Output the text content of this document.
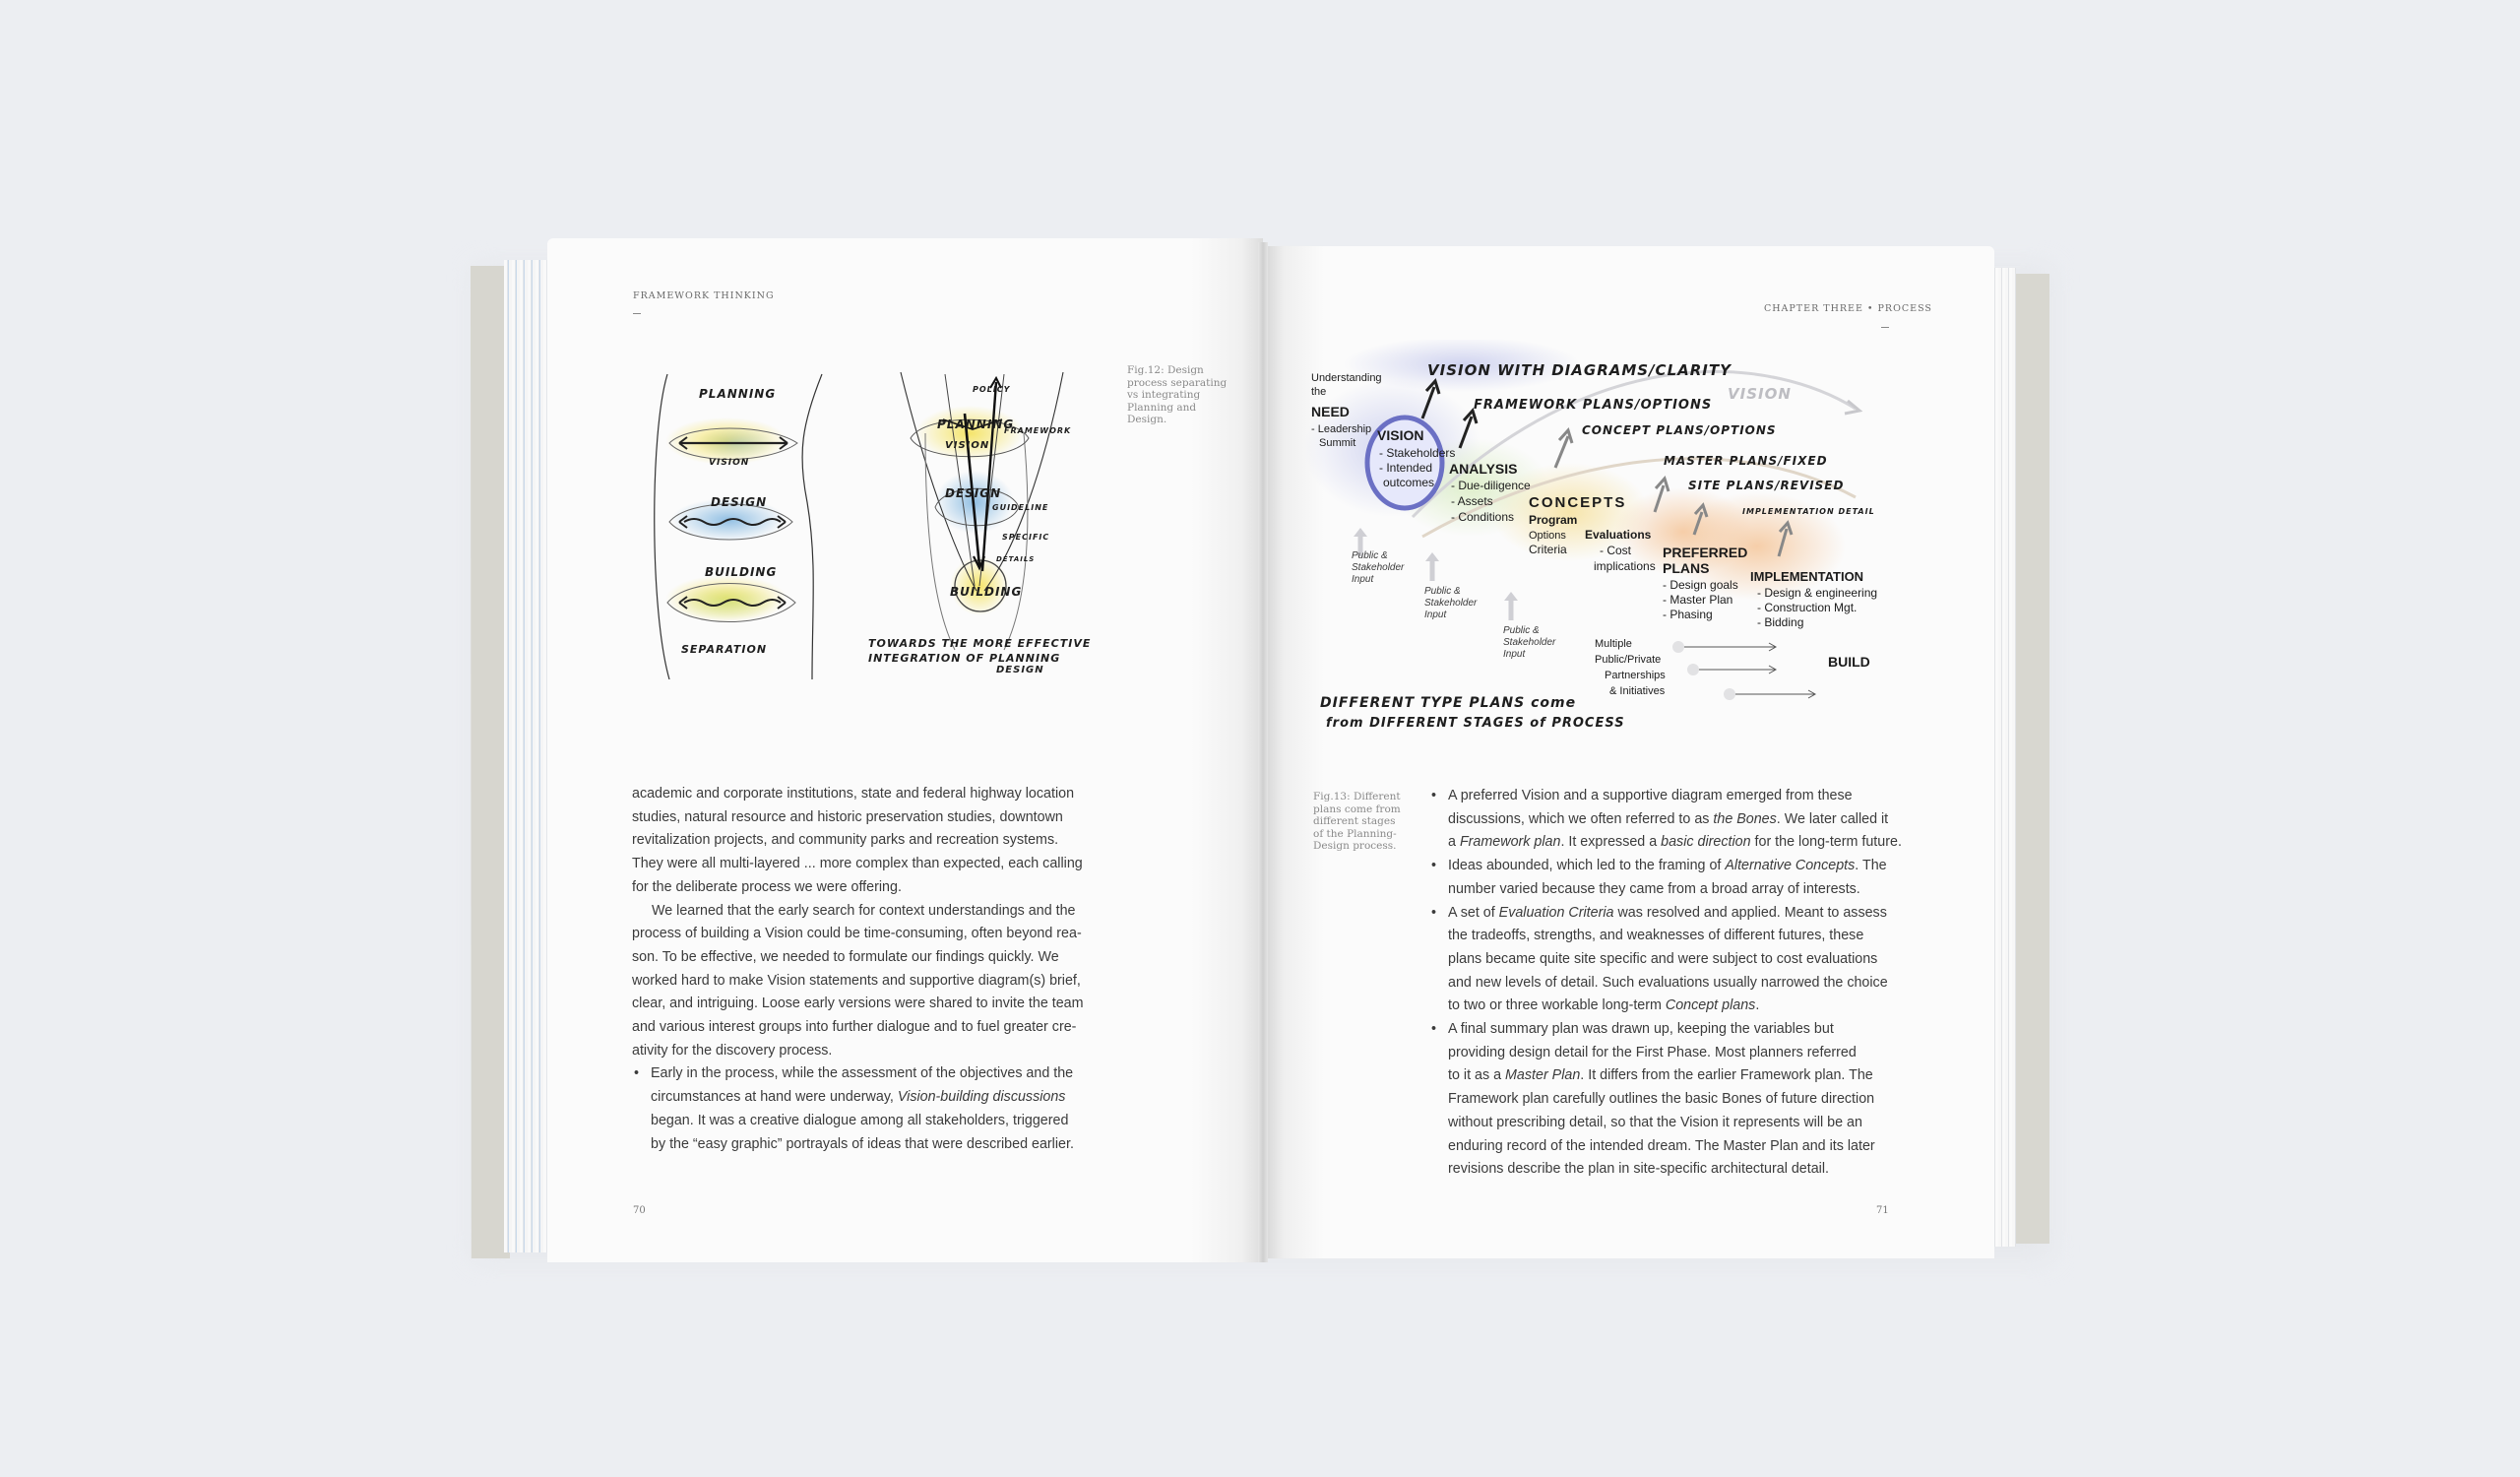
FRAMEWORK THINKING
PLANNING
VISION
DESIGN
BUILDING
SEPARATION
POLICY
PLANNING
FRAMEWORK
VISION
DESIGN
GUIDELINE
SPECIFIC
DETAILS
BUILDING
TOWARDS THE MORE EFFECTIVE
INTEGRATION OF PLANNING
DESIGN
Fig.12: Design
process separating
vs integrating
Planning and
Design.

academic and corporate institutions, state and federal highway location

studies, natural resource and historic preservation studies, downtown

revitalization projects, and community parks and recreation systems.

They were all multi-layered ... more complex than expected, each calling

for the deliberate process we were offering.

We learned that the early search for context understandings and the

process of building a Vision could be time-consuming, often beyond rea-

son. To be effective, we needed to formulate our findings quickly. We

worked hard to make Vision statements and supportive diagram(s) brief,

clear, and intriguing. Loose early versions were shared to invite the team

and various interest groups into further dialogue and to fuel greater cre-

ativity for the discovery process.

• Early in the process, while the assessment of the objectives and the

circumstances at hand were underway, Vision-building discussions

began. It was a creative dialogue among all stakeholders, triggered

by the “easy graphic” portrayals of ideas that were described earlier.

70
CHAPTER THREE • PROCESS
VISION WITH DIAGRAMS/CLARITY
FRAMEWORK PLANS/OPTIONS
CONCEPT PLANS/OPTIONS
MASTER PLANS/FIXED
SITE PLANS/REVISED
IMPLEMENTATION DETAIL
VISION
Understanding
the
NEED
- Leadership
Summit VISION
- Stakeholders
- Intended
outcomes
ANALYSIS
- Due-diligence
- Assets
- Conditions
CONCEPTS
Program
Options
Criteria
Evaluations
- Cost
implications
PREFERRED
PLANS
- Design goals
- Master Plan
- Phasing
IMPLEMENTATION
- Design & engineering
- Construction Mgt.
- Bidding
Public &
Stakeholder
Input
Public &
Stakeholder
Input
Public &
Stakeholder
Input
Multiple
Public/Private
Partnerships
& Initiatives
BUILD
DIFFERENT TYPE PLANS come
from DIFFERENT STAGES of PROCESS
Fig.13: Different
plans come from
different stages
of the Planning-
Design process.
• A preferred Vision and a supportive diagram emerged from these

discussions, which we often referred to as the Bones. We later called it

a Framework plan. It expressed a basic direction for the long-term future.

• Ideas abounded, which led to the framing of Alternative Concepts. The

number varied because they came from a broad array of interests.

• A set of Evaluation Criteria was resolved and applied. Meant to assess

the tradeoffs, strengths, and weaknesses of different futures, these

plans became quite site specific and were subject to cost evaluations

and new levels of detail. Such evaluations usually narrowed the choice

to two or three workable long-term Concept plans.

• A final summary plan was drawn up, keeping the variables but

providing design detail for the First Phase. Most planners referred

to it as a Master Plan. It differs from the earlier Framework plan. The

Framework plan carefully outlines the basic Bones of future direction

without prescribing detail, so that the Vision it represents will be an

enduring record of the intended dream. The Master Plan and its later

revisions describe the plan in site-specific architectural detail.

71
